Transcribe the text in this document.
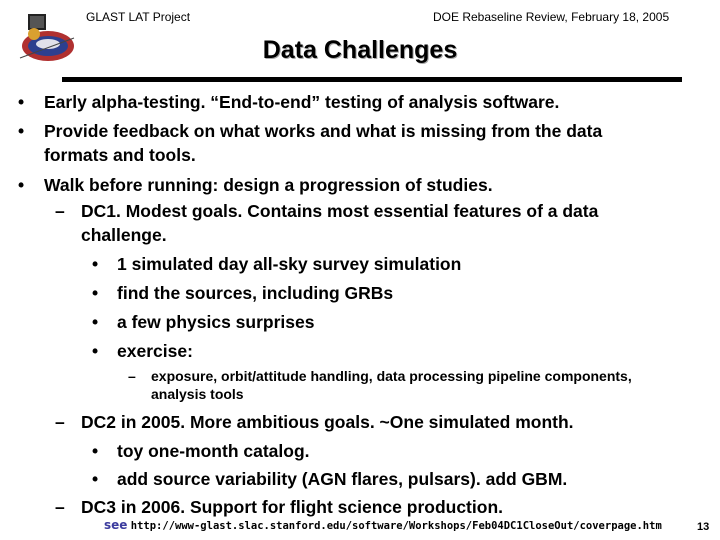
GLAST LAT Project	DOE Rebaseline Review, February 18, 2005
Data Challenges
• Early alpha-testing. “End-to-end” testing of analysis software.
• Provide feedback on what works and what is missing from the data
formats and tools.
• Walk before running: design a progression of studies.
– DC1. Modest goals. Contains most essential features of a data
challenge.
• 1 simulated day all-sky survey simulation
• find the sources, including GRBs
• a few physics surprises
• exercise:
– exposure, orbit/attitude handling, data processing pipeline components,
analysis tools
– DC2 in 2005. More ambitious goals. ~One simulated month.
• toy one-month catalog.
• add source variability (AGN flares, pulsars). add GBM.
– DC3 in 2006. Support for flight science production.
see http://www-glast.slac.stanford.edu/software/Workshops/Feb04DC1CloseOut/coverpage.htm	13
